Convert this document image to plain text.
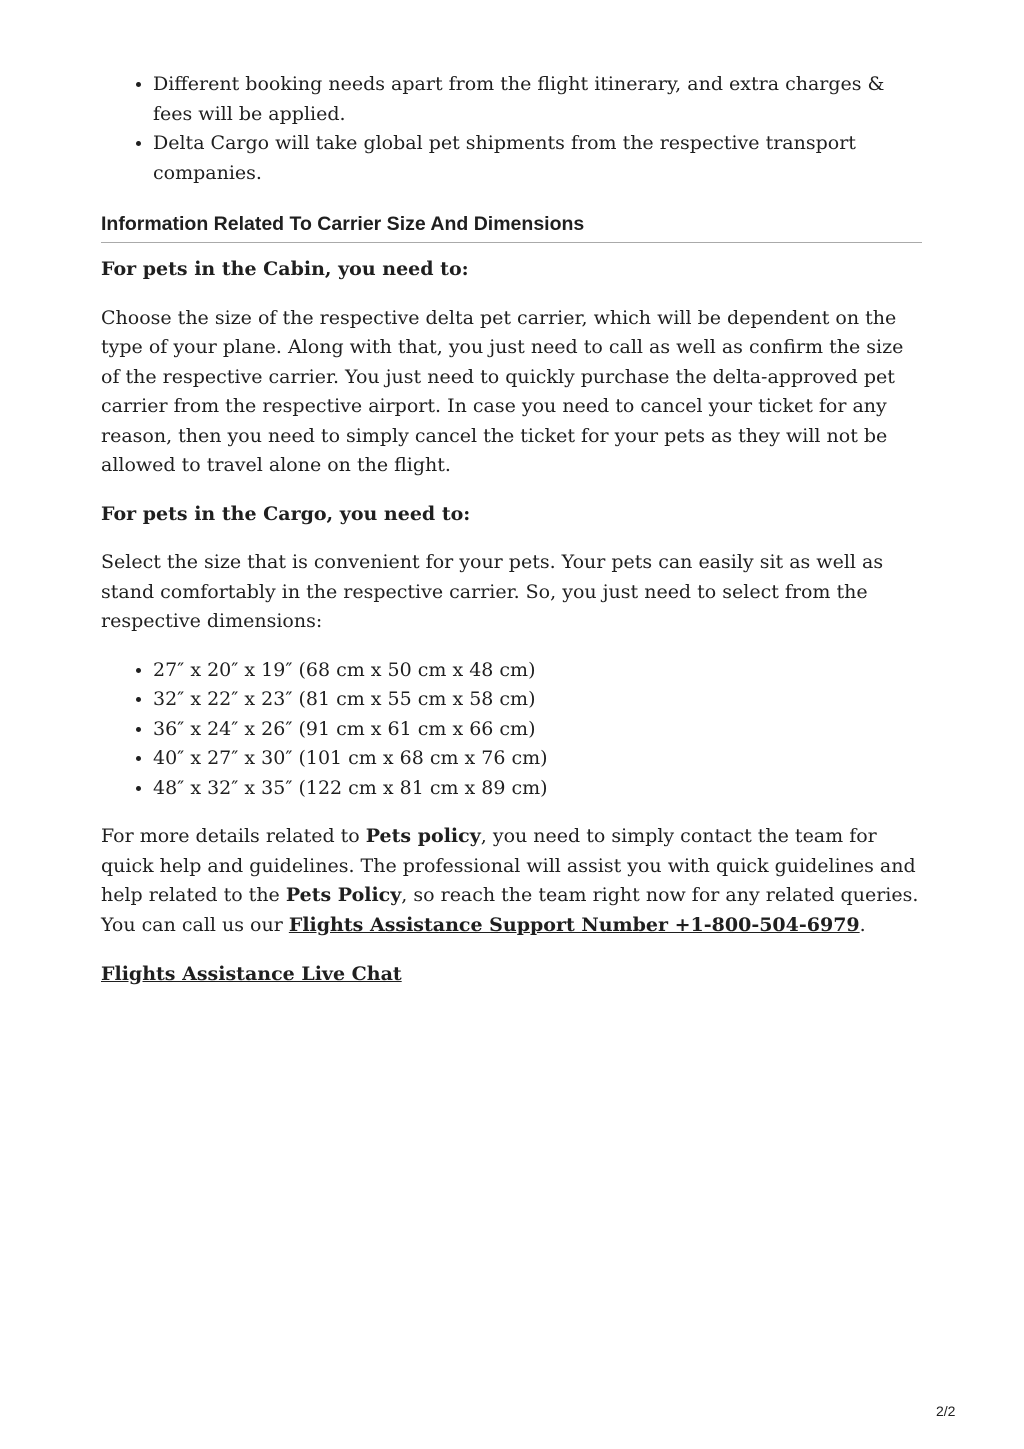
• Different booking needs apart from the flight itinerary, and extra charges & fees will be applied.
• Delta Cargo will take global pet shipments from the respective transport companies.
Information Related To Carrier Size And Dimensions
For pets in the Cabin, you need to:

Choose the size of the respective delta pet carrier, which will be dependent on the type of your plane. Along with that, you just need to call as well as confirm the size of the respective carrier. You just need to quickly purchase the delta-approved pet carrier from the respective airport. In case you need to cancel your ticket for any reason, then you need to simply cancel the ticket for your pets as they will not be allowed to travel alone on the flight.

For pets in the Cargo, you need to:

Select the size that is convenient for your pets. Your pets can easily sit as well as stand comfortably in the respective carrier. So, you just need to select from the respective dimensions:

• 27″ x 20″ x 19″ (68 cm x 50 cm x 48 cm)
• 32″ x 22″ x 23″ (81 cm x 55 cm x 58 cm)
• 36″ x 24″ x 26″ (91 cm x 61 cm x 66 cm)
• 40″ x 27″ x 30″ (101 cm x 68 cm x 76 cm)
• 48″ x 32″ x 35″ (122 cm x 81 cm x 89 cm)

For more details related to Pets policy, you need to simply contact the team for quick help and guidelines. The professional will assist you with quick guidelines and help related to the Pets Policy, so reach the team right now for any related queries. You can call us our Flights Assistance Support Number +1-800-504-6979.

Flights Assistance Live Chat

2/2
